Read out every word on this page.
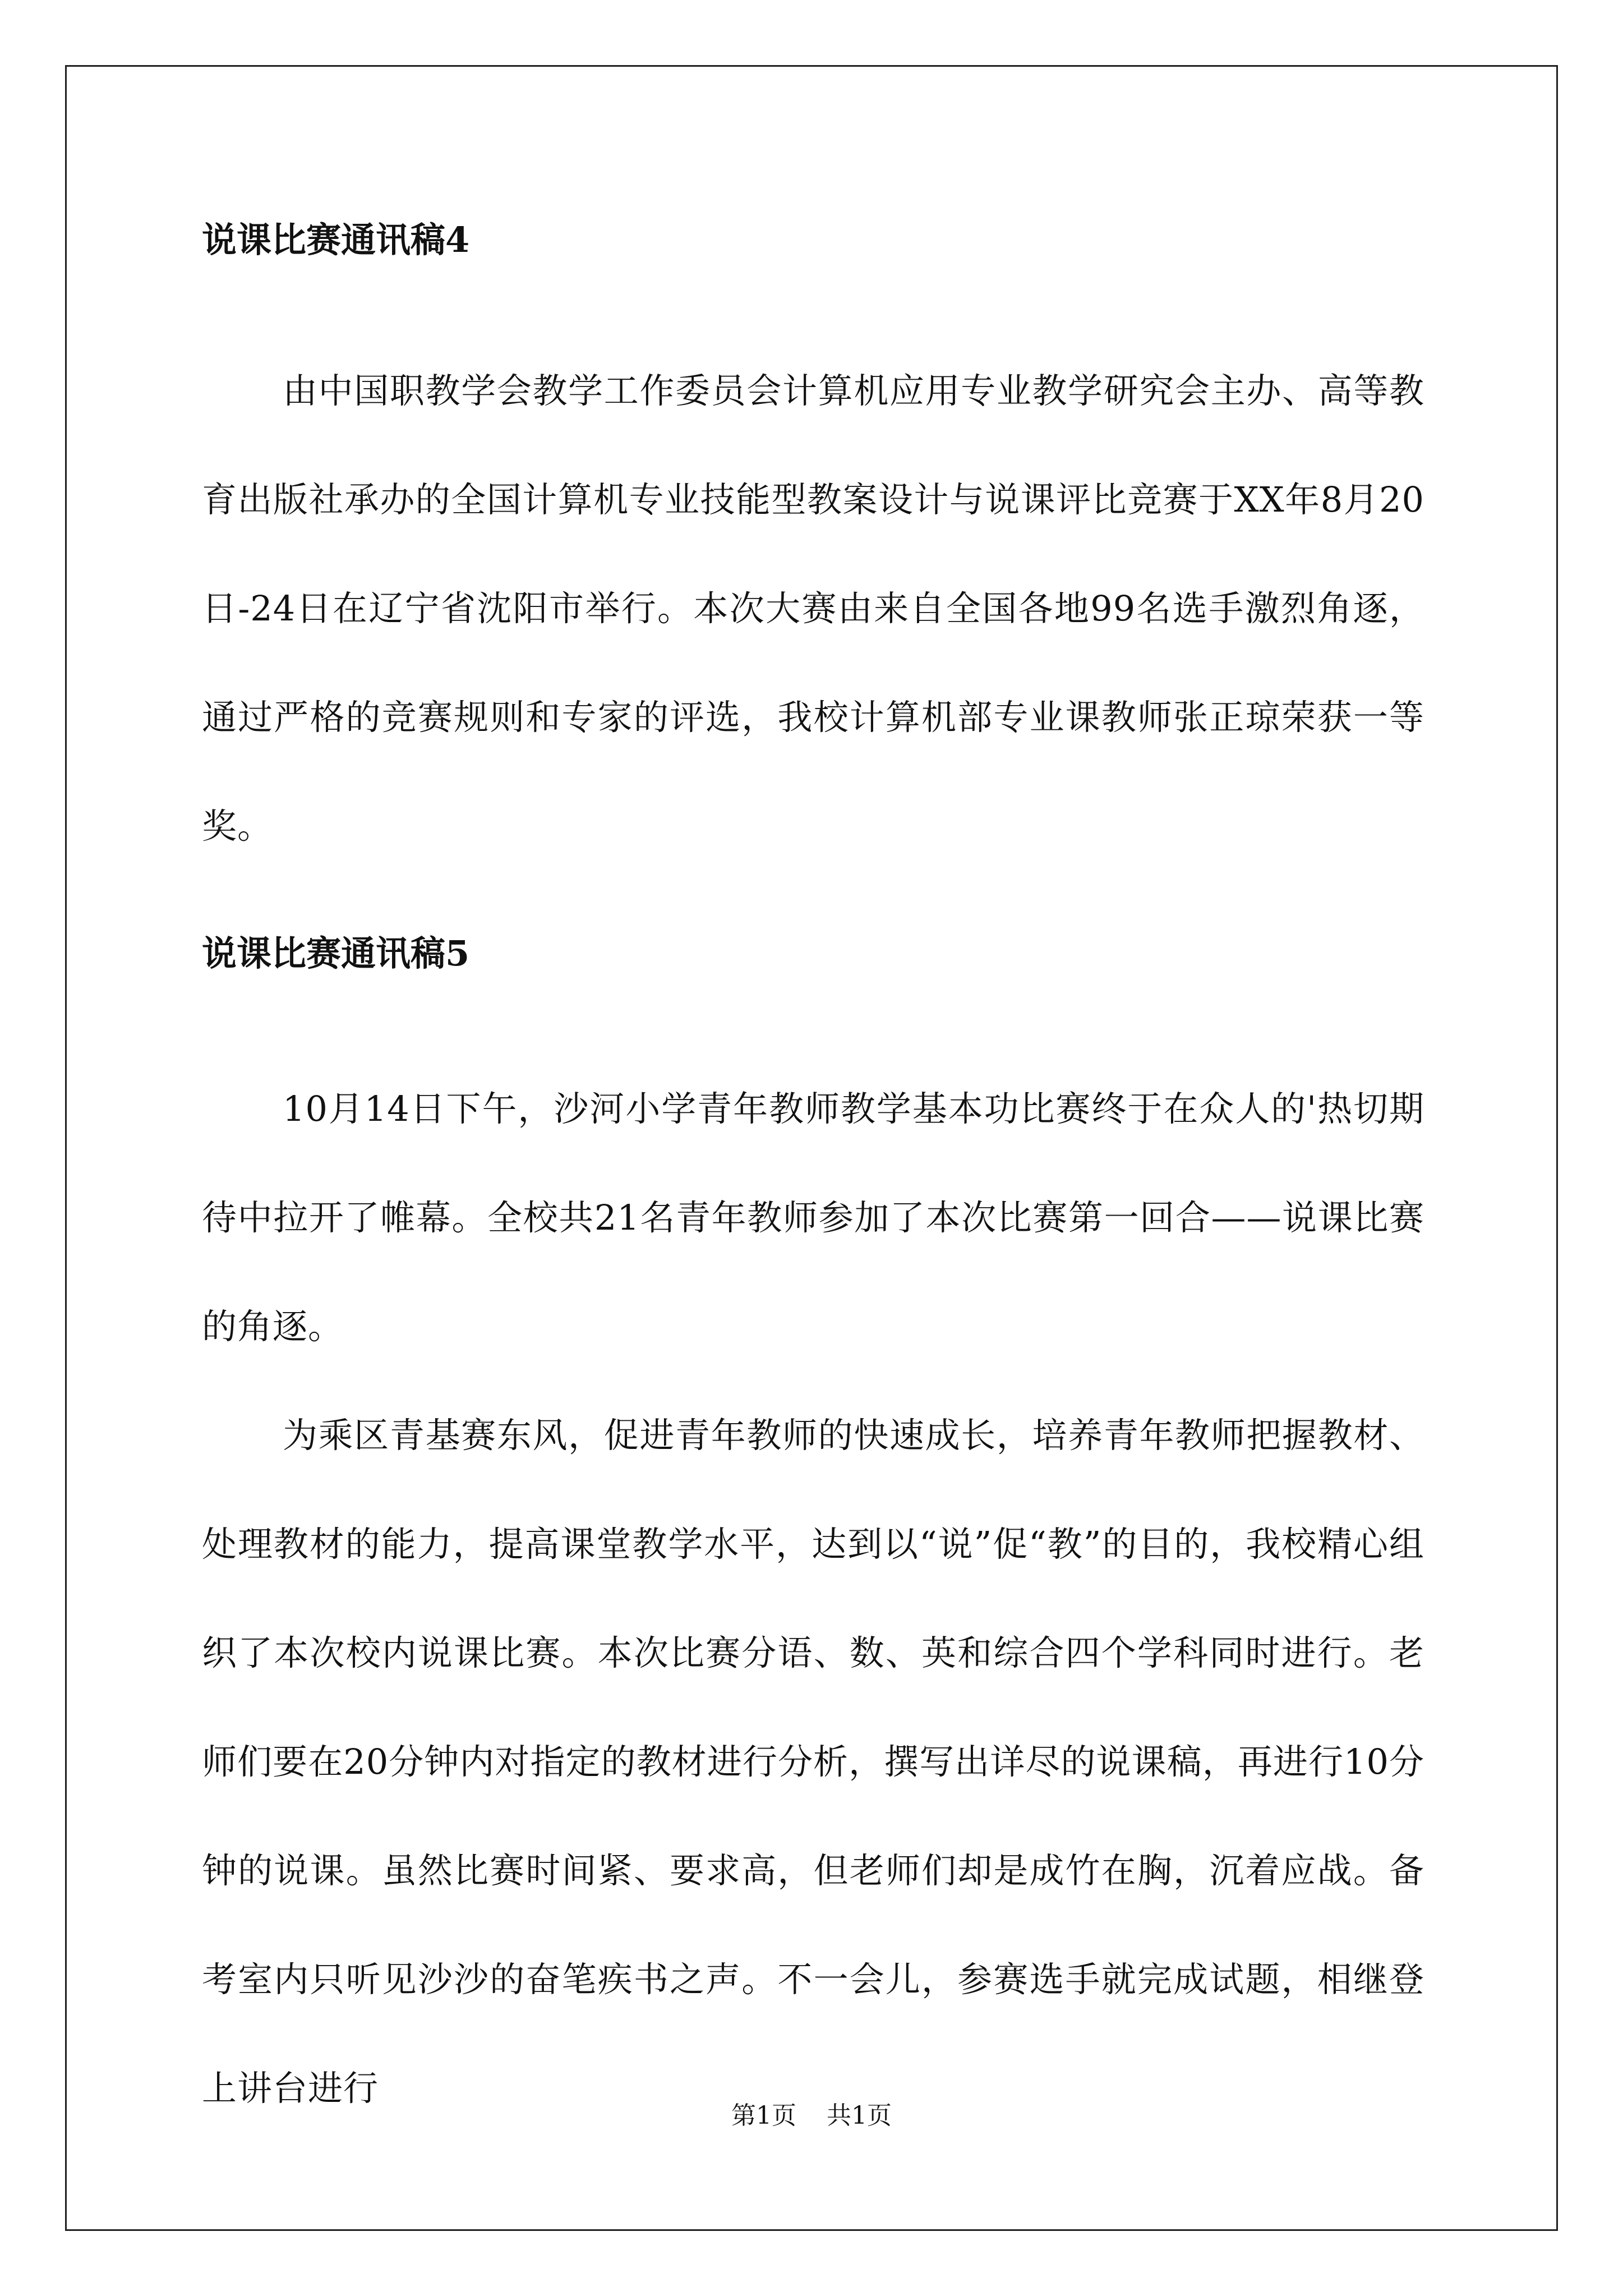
说课比赛通讯稿4

由中国职教学会教学工作委员会计算机应用专业教学研究会主办、高等教育出版社承办的全国计算机专业技能型教案设计与说课评比竞赛于XX年8月20日-24日在辽宁省沈阳市举行。本次大赛由来自全国各地99名选手激烈角逐，通过严格的竞赛规则和专家的评选，我校计算机部专业课教师张正琼荣获一等奖。

说课比赛通讯稿5

10月14日下午，沙河小学青年教师教学基本功比赛终于在众人的'热切期待中拉开了帷幕。全校共21名青年教师参加了本次比赛第一回合——说课比赛的角逐。

为乘区青基赛东风，促进青年教师的快速成长，培养青年教师把握教材、处理教材的能力，提高课堂教学水平，达到以“说”促“教”的目的，我校精心组织了本次校内说课比赛。本次比赛分语、数、英和综合四个学科同时进行。老师们要在20分钟内对指定的教材进行分析，撰写出详尽的说课稿，再进行10分钟的说课。虽然比赛时间紧、要求高，但老师们却是成竹在胸，沉着应战。备考室内只听见沙沙的奋笔疾书之声。不一会儿，参赛选手就完成试题，相继登上讲台进行

第1页 共1页
